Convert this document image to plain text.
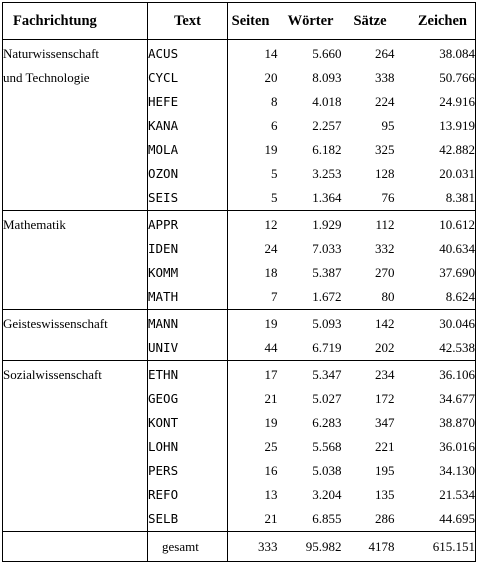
Fachrichtung	Text	Seiten	Wörter	Sätze	Zeichen

Naturwissenschaft
und Technologie	ACUS	14	5.660	264	38.084
	CYCL	20	8.093	338	50.766
	HEFE	8	4.018	224	24.916
	KANA	6	2.257	95	13.919
	MOLA	19	6.182	325	42.882
	OZON	5	3.253	128	20.031
	SEIS	5	1.364	76	8.381

Mathematik	APPR	12	1.929	112	10.612
	IDEN	24	7.033	332	40.634
	KOMM	18	5.387	270	37.690
	MATH	7	1.672	80	8.624

Geisteswissenschaft	MANN	19	5.093	142	30.046
	UNIV	44	6.719	202	42.538

Sozialwissenschaft	ETHN	17	5.347	234	36.106
	GEOG	21	5.027	172	34.677
	KONT	19	6.283	347	38.870
	LOHN	25	5.568	221	36.016
	PERS	16	5.038	195	34.130
	REFO	13	3.204	135	21.534
	SELB	21	6.855	286	44.695
	gesamt	333	95.982	4178	615.151
